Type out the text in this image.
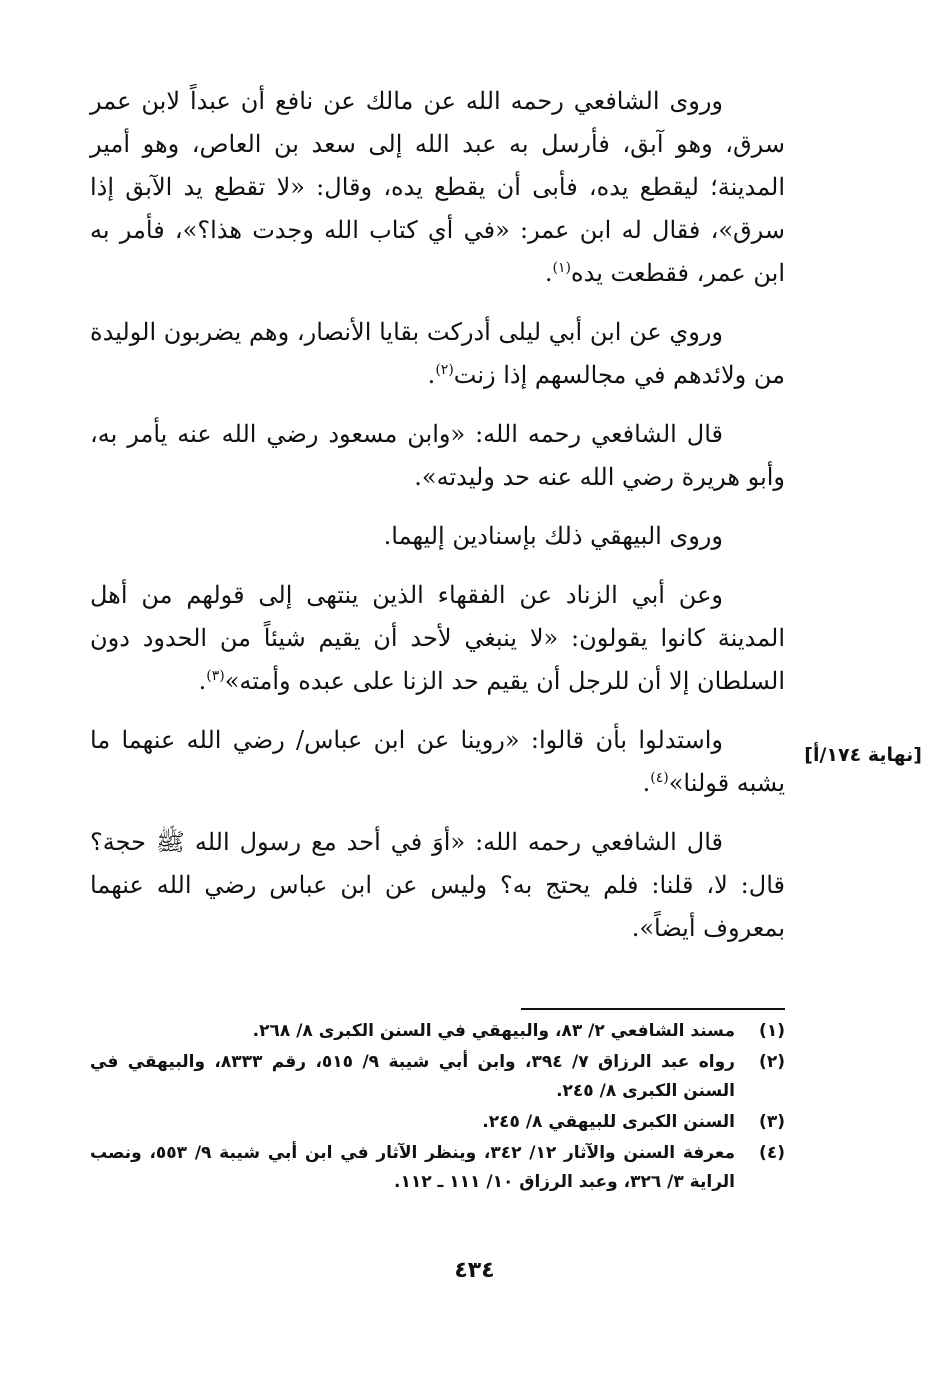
وروى الشافعي رحمه الله عن مالك عن نافع أن عبداً لابن عمر سرق، وهو آبق، فأرسل به عبد الله إلى سعد بن العاص، وهو أمير المدينة؛ ليقطع يده، فأبى أن يقطع يده، وقال: «لا تقطع يد الآبق إذا سرق»، فقال له ابن عمر: «في أي كتاب الله وجدت هذا؟»، فأمر به ابن عمر، فقطعت يده$^{(١)}$.

وروي عن ابن أبي ليلى أدركت بقايا الأنصار، وهم يضربون الوليدة من ولائدهم في مجالسهم إذا زنت$^{(٢)}$.

قال الشافعي رحمه الله: «وابن مسعود رضي الله عنه يأمر به، وأبو هريرة رضي الله عنه حد وليدته».

وروى البيهقي ذلك بإسنادين إليهما.

وعن أبي الزناد عن الفقهاء الذين ينتهى إلى قولهم من أهل المدينة كانوا يقولون: «لا ينبغي لأحد أن يقيم شيئاً من الحدود دون السلطان إلا أن للرجل أن يقيم حد الزنا على عبده وأمته»$^{(٣)}$.

واستدلوا بأن قالوا: «روينا عن ابن عباس/ رضي الله عنهما ما يشبه قولنا»$^{(٤)}$.

قال الشافعي رحمه الله: «أوَ في أحد مع رسول الله ﷺ حجة؟ قال: لا، قلنا: فلم يحتج به؟ وليس عن ابن عباس رضي الله عنهما بمعروف أيضاً».

[نهاية ١٧٤/أ]
(١)
مسند الشافعي ٢/ ٨٣، والبيهقي في السنن الكبرى ٨/ ٢٦٨.
(٢)
رواه عبد الرزاق ٧/ ٣٩٤، وابن أبي شيبة ٩/ ٥١٥، رقم ٨٣٣٣، والبيهقي في السنن الكبرى ٨/ ٢٤٥.
(٣)
السنن الكبرى للبيهقي ٨/ ٢٤٥.
(٤)
معرفة السنن والآثار ١٢/ ٣٤٢، وينظر الآثار في ابن أبي شيبة ٩/ ٥٥٣، ونصب الراية ٣/ ٣٢٦، وعبد الرزاق ١٠/ ١١١ ـ ١١٢.
٤٣٤
